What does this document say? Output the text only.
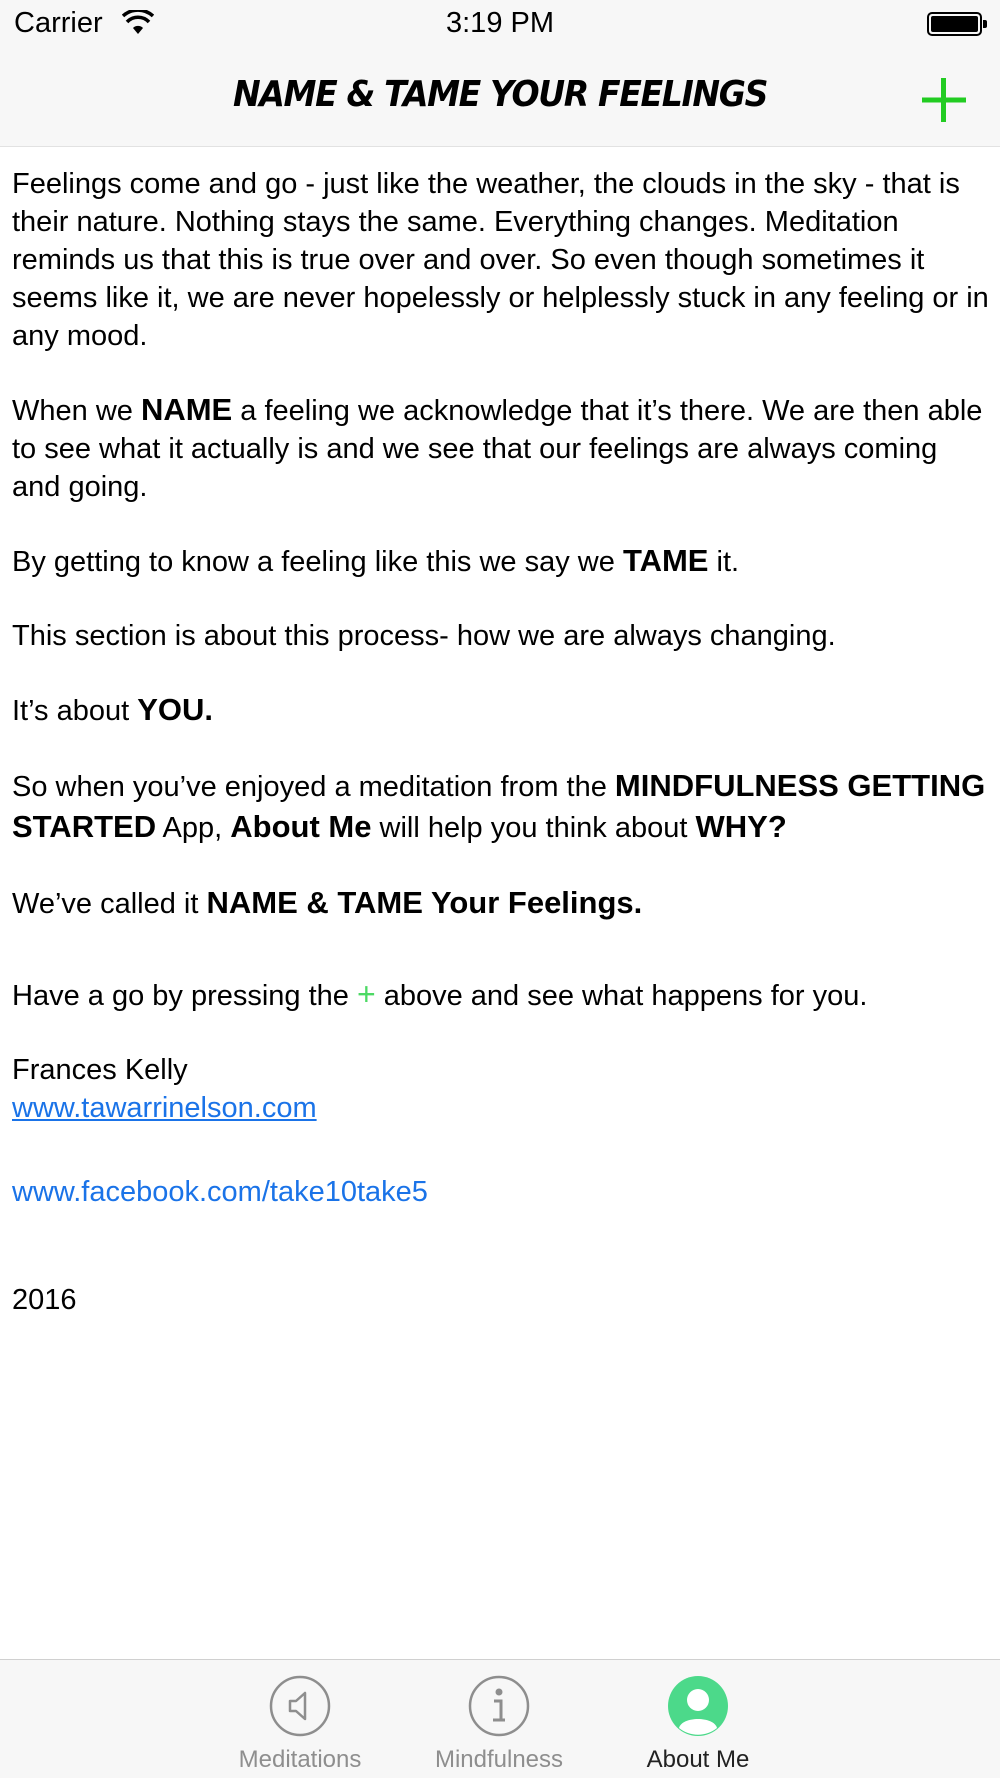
Carrier	3:19 PM
NAME & TAME YOUR FEELINGS

Feelings come and go - just like the weather, the clouds in the sky - that is their nature. Nothing stays the same. Everything changes. Meditation reminds us that this is true over and over. So even though sometimes it seems like it, we are never hopelessly or helplessly stuck in any feeling or in any mood.

When we NAME a feeling we acknowledge that it’s there. We are then able to see what it actually is and we see that our feelings are always coming and going.

By getting to know a feeling like this we say we TAME it.

This section is about this process- how we are always changing.

It’s about YOU.

So when you’ve enjoyed a meditation from the MINDFULNESS GETTING STARTED App, About Me will help you think about WHY?

We’ve called it NAME & TAME Your Feelings.

Have a go by pressing the + above and see what happens for you.

Frances Kelly

www.tawarrinelson.com

www.facebook.com/take10take5

2016

Meditations	Mindfulness	About Me
